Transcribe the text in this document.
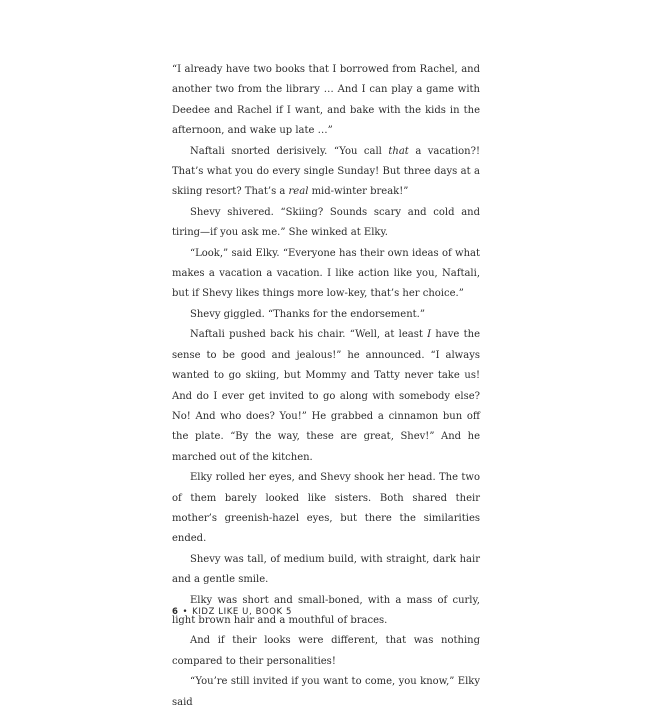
“I already have two books that I borrowed from Rachel, and another two from the library … And I can play a game with Deedee and Rachel if I want, and bake with the kids in the afternoon, and wake up late …”

Naftali snorted derisively. “You call that a vacation?! That’s what you do every single Sunday! But three days at a skiing resort? That’s a real mid-winter break!”

Shevy shivered. “Skiing? Sounds scary and cold and tiring—if you ask me.” She winked at Elky.

“Look,” said Elky. “Everyone has their own ideas of what makes a vacation a vacation. I like action like you, Naftali, but if Shevy likes things more low-key, that’s her choice.”

Shevy giggled. “Thanks for the endorsement.”

Naftali pushed back his chair. “Well, at least I have the sense to be good and jealous!” he announced. “I always wanted to go skiing, but Mommy and Tatty never take us! And do I ever get invited to go along with somebody else? No! And who does? You!” He grabbed a cinnamon bun off the plate. “By the way, these are great, Shev!” And he marched out of the kitchen.

Elky rolled her eyes, and Shevy shook her head. The two of them barely looked like sisters. Both shared their mother’s greenish-hazel eyes, but there the similarities ended.

Shevy was tall, of medium build, with straight, dark hair and a gentle smile.

Elky was short and small-boned, with a mass of curly, light brown hair and a mouthful of braces.

And if their looks were different, that was nothing compared to their personalities!

“You’re still invited if you want to come, you know,” Elky said

6 • KIDZ LIKE U, BOOK 5
